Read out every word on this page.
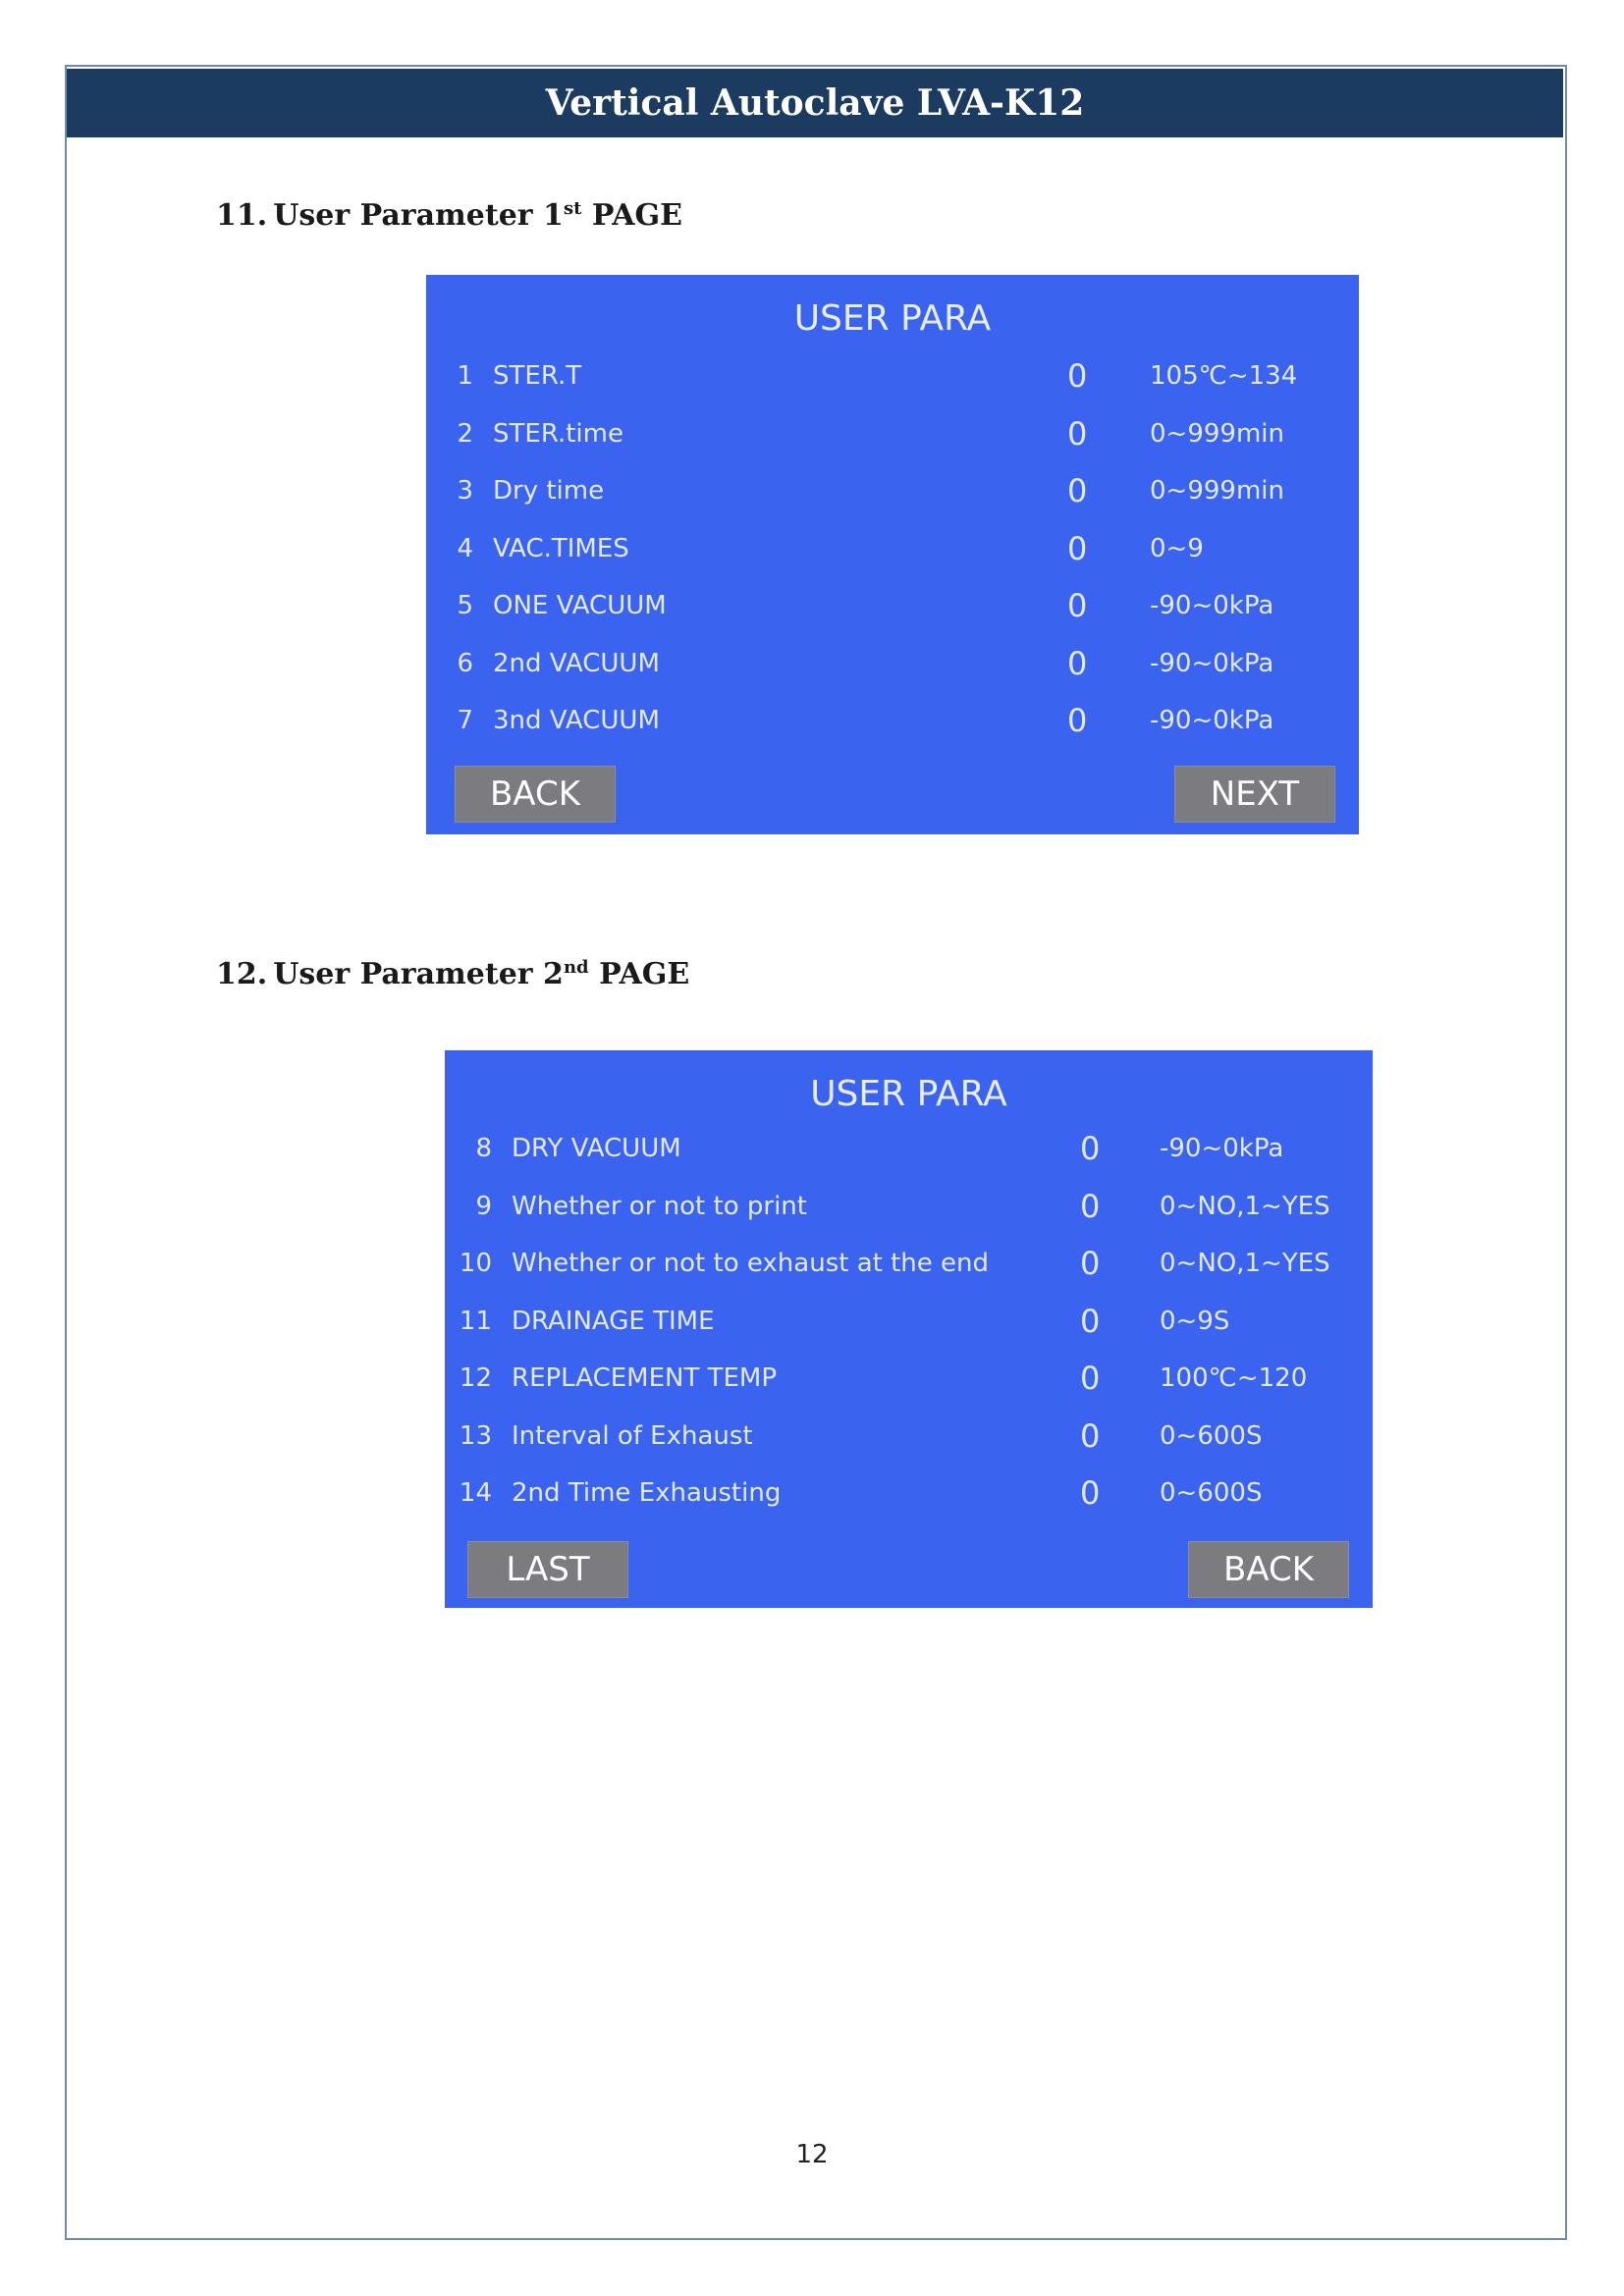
Vertical Autoclave LVA-K12
11. User Parameter 1st PAGE
USER PARA
BACK	NEXT
1 STER.T	0 105℃~134
2 STER.time	0 0~999min
3 Dry time	0 0~999min
4 VAC.TIMES	0 0~9
5 ONE VACUUM	0 -90~0kPa
6 2nd VACUUM	0 -90~0kPa
7 3nd VACUUM	0 -90~0kPa
12. User Parameter 2nd PAGE
USER PARA
LAST	BACK
8 DRY VACUUM	0 -90~0kPa
9 Whether or not to print	0 0~NO,1~YES
10 Whether or not to exhaust at the end	0 0~NO,1~YES
11 DRAINAGE TIME	0 0~9S
12 REPLACEMENT TEMP	0 100℃~120
13 Interval of Exhaust	0 0~600S
14 2nd Time Exhausting	0 0~600S
12
